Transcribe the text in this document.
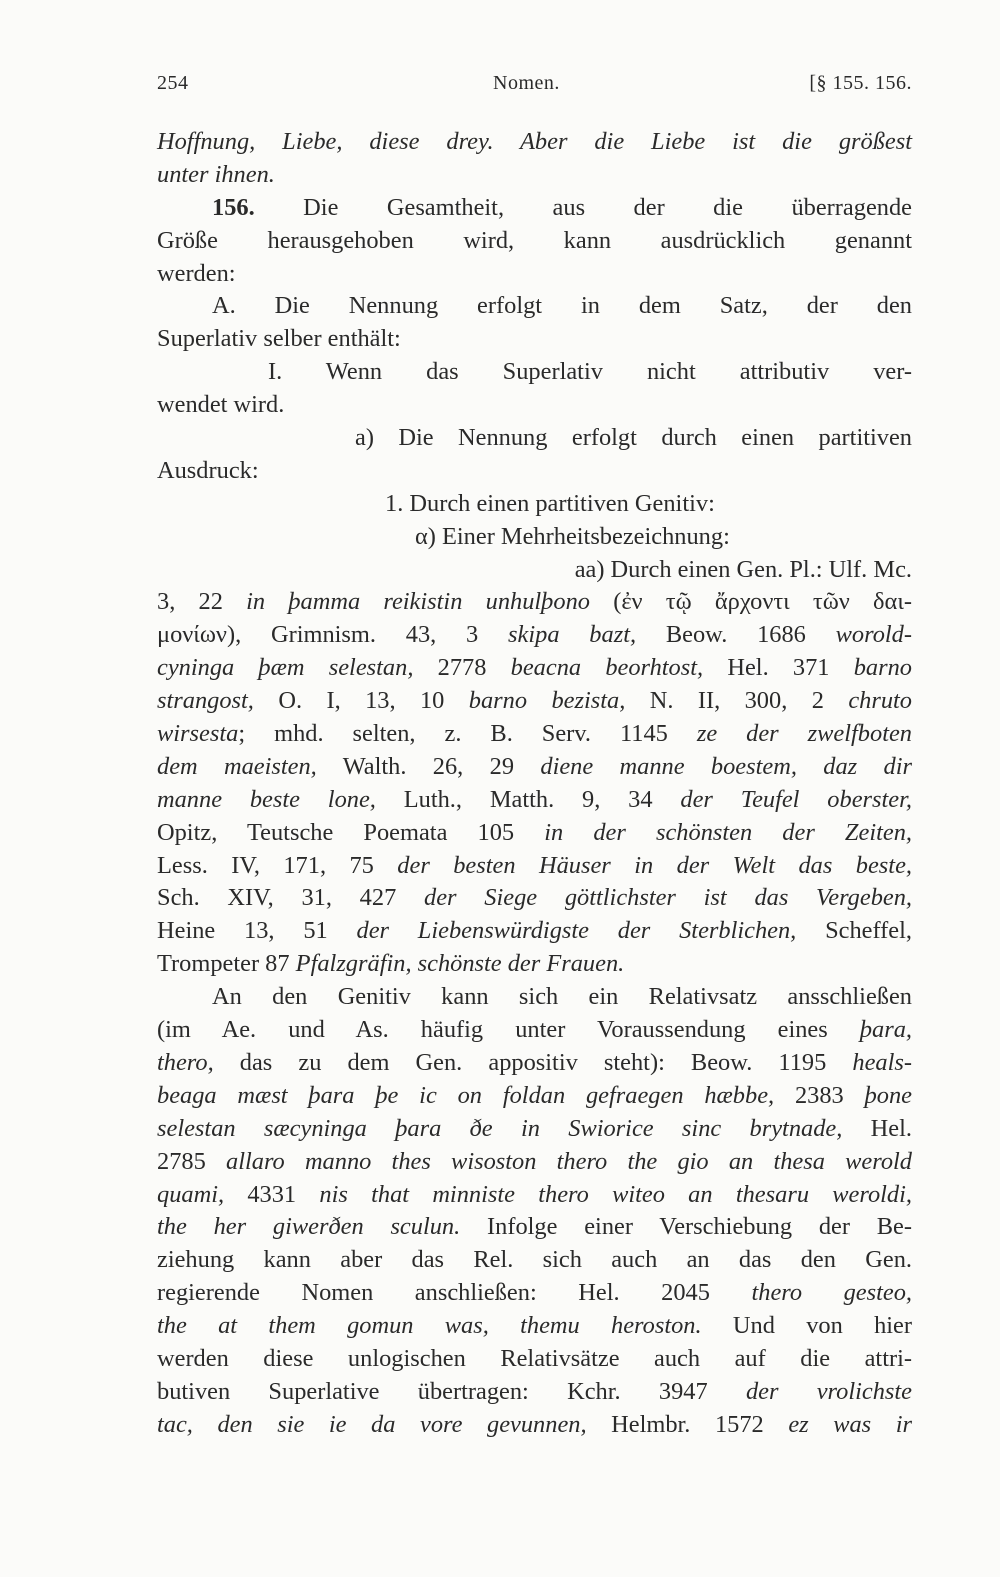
254	Nomen.	[§ 155. 156.
Hoffnung, Liebe, diese drey. Aber die Liebe ist die größest
unter ihnen.
156. Die Gesamtheit, aus der die überragende
Größe herausgehoben wird, kann ausdrücklich genannt
werden:
A. Die Nennung erfolgt in dem Satz, der den
Superlativ selber enthält:
I. Wenn das Superlativ nicht attributiv ver-
wendet wird.
a) Die Nennung erfolgt durch einen partitiven
Ausdruck:
1. Durch einen partitiven Genitiv:
α) Einer Mehrheitsbezeichnung:
aa) Durch einen Gen. Pl.: Ulf. Mc.
3, 22 in þamma reikistin unhulþono (ἐν τῷ ἄρχοντι τῶν δαι-
μονίων), Grimnism. 43, 3 skipa bazt, Beow. 1686 worold-
cyninga þæm selestan, 2778 beacna beorhtost, Hel. 371 barno
strangost, O. I, 13, 10 barno bezista, N. II, 300, 2 chruto
wirsesta; mhd. selten, z. B. Serv. 1145 ze der zwelfboten
dem maeisten, Walth. 26, 29 diene manne boestem, daz dir
manne beste lone, Luth., Matth. 9, 34 der Teufel oberster,
Opitz, Teutsche Poemata 105 in der schönsten der Zeiten,
Less. IV, 171, 75 der besten Häuser in der Welt das beste,
Sch. XIV, 31, 427 der Siege göttlichster ist das Vergeben,
Heine 13, 51 der Liebenswürdigste der Sterblichen, Scheffel,
Trompeter 87 Pfalzgräfin, schönste der Frauen.
An den Genitiv kann sich ein Relativsatz ansschließen
(im Ae. und As. häufig unter Voraussendung eines þara,
thero, das zu dem Gen. appositiv steht): Beow. 1195 heals-
beaga mæst þara þe ic on foldan gefraegen hæbbe, 2383 þone
selestan sæcyninga þara ðe in Swiorice sinc brytnade, Hel.
2785 allaro manno thes wisoston thero the gio an thesa werold
quami, 4331 nis that minniste thero witeo an thesaru weroldi,
the her giwerðen sculun. Infolge einer Verschiebung der Be-
ziehung kann aber das Rel. sich auch an das den Gen.
regierende Nomen anschließen: Hel. 2045 thero gesteo,
the at them gomun was, themu heroston. Und von hier
werden diese unlogischen Relativsätze auch auf die attri-
butiven Superlative übertragen: Kchr. 3947 der vrolichste
tac, den sie ie da vore gevunnen, Helmbr. 1572 ez was ir
